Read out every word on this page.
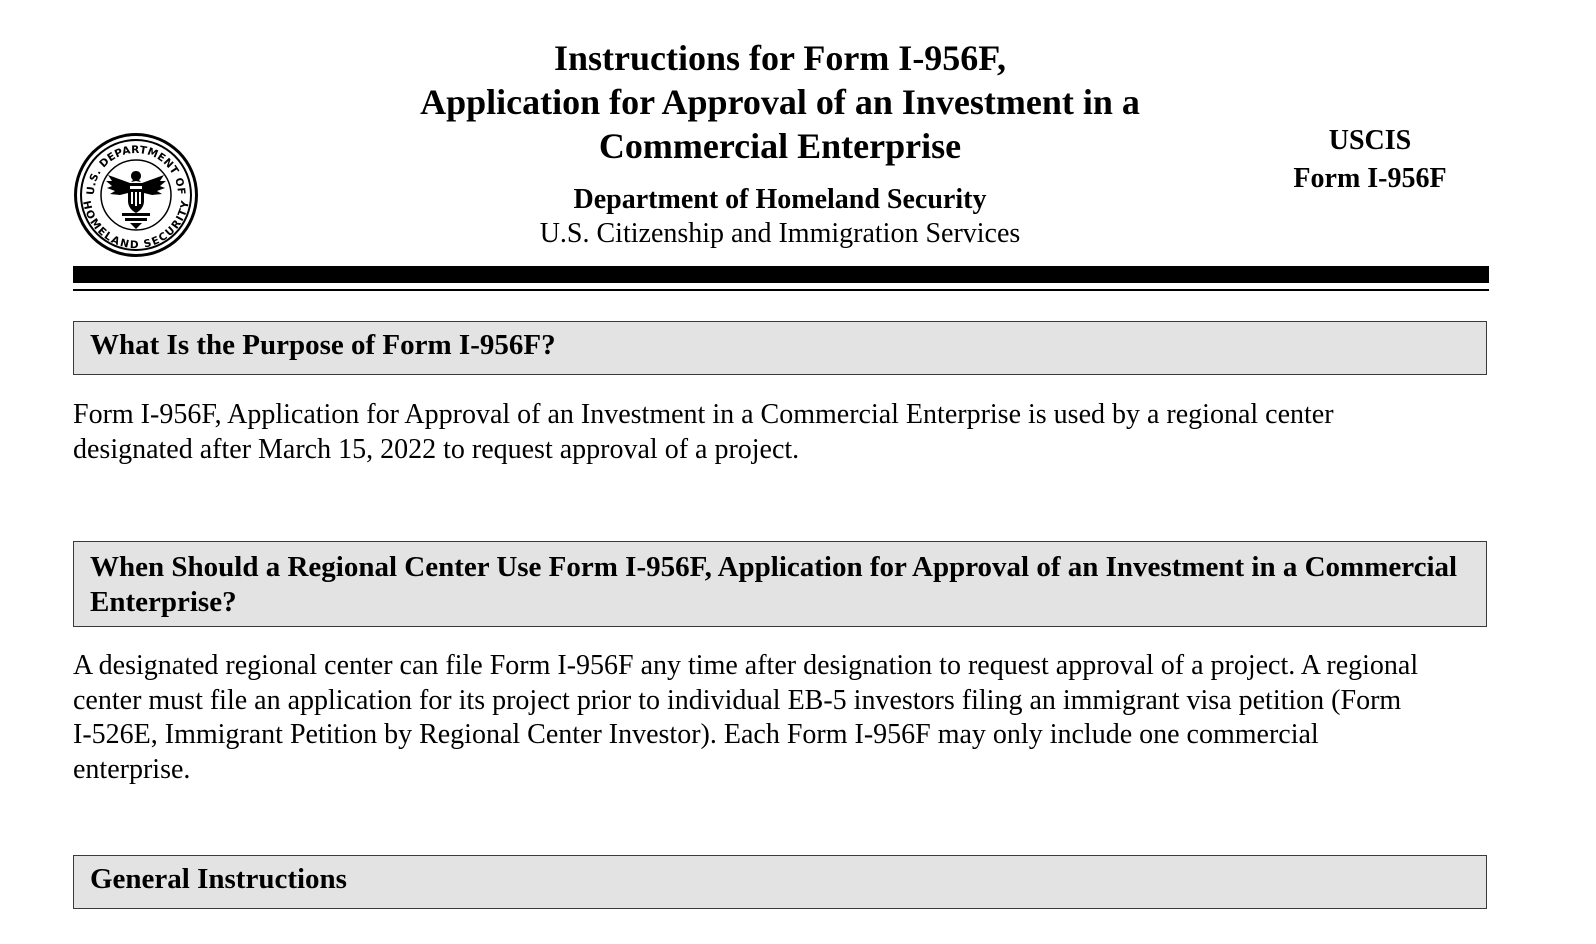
U.S. DEPARTMENT OF
HOMELAND SECURITY
Instructions for Form I-956F,
Application for Approval of an Investment in a
Commercial Enterprise
Department of Homeland Security
U.S. Citizenship and Immigration Services
USCIS
Form I-956F
What Is the Purpose of Form I-956F?
Form I-956F, Application for Approval of an Investment in a Commercial Enterprise is used by a regional center
designated after March 15, 2022 to request approval of a project.
When Should a Regional Center Use Form I-956F, Application for Approval of an Investment in a Commercial
Enterprise?
A designated regional center can file Form I-956F any time after designation to request approval of a project. A regional
center must file an application for its project prior to individual EB-5 investors filing an immigrant visa petition (Form
I-526E, Immigrant Petition by Regional Center Investor). Each Form I-956F may only include one commercial
enterprise.
General Instructions
